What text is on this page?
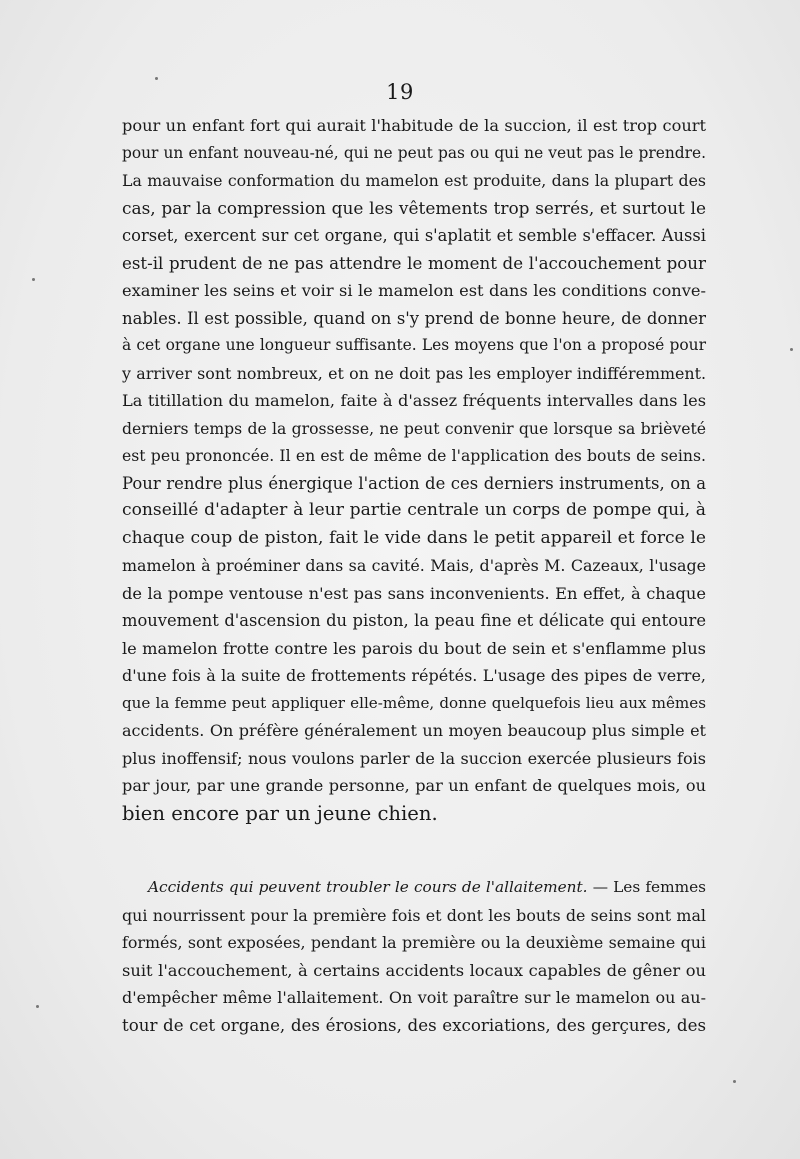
19
pour un enfant fort qui aurait l'habitude de la succion, il est trop court
pour un enfant nouveau-né, qui ne peut pas ou qui ne veut pas le prendre.
La mauvaise conformation du mamelon est produite, dans la plupart des
cas, par la compression que les vêtements trop serrés, et surtout le
corset, exercent sur cet organe, qui s'aplatit et semble s'effacer. Aussi
est-il prudent de ne pas attendre le moment de l'accouchement pour
examiner les seins et voir si le mamelon est dans les conditions conve-
nables. Il est possible, quand on s'y prend de bonne heure, de donner
à cet organe une longueur suffisante. Les moyens que l'on a proposé pour
y arriver sont nombreux, et on ne doit pas les employer indifféremment.
La titillation du mamelon, faite à d'assez fréquents intervalles dans les
derniers temps de la grossesse, ne peut convenir que lorsque sa brièveté
est peu prononcée. Il en est de même de l'application des bouts de seins.
Pour rendre plus énergique l'action de ces derniers instruments, on a
conseillé d'adapter à leur partie centrale un corps de pompe qui, à
chaque coup de piston, fait le vide dans le petit appareil et force le
mamelon à proéminer dans sa cavité. Mais, d'après M. Cazeaux, l'usage
de la pompe ventouse n'est pas sans inconvenients. En effet, à chaque
mouvement d'ascension du piston, la peau fine et délicate qui entoure
le mamelon frotte contre les parois du bout de sein et s'enflamme plus
d'une fois à la suite de frottements répétés. L'usage des pipes de verre,
que la femme peut appliquer elle-même, donne quelquefois lieu aux mêmes
accidents. On préfère généralement un moyen beaucoup plus simple et
plus inoffensif; nous voulons parler de la succion exercée plusieurs fois
par jour, par une grande personne, par un enfant de quelques mois, ou
bien encore par un jeune chien.
Accidents qui peuvent troubler le cours de l'allaitement. — Les femmes
qui nourrissent pour la première fois et dont les bouts de seins sont mal
formés, sont exposées, pendant la première ou la deuxième semaine qui
suit l'accouchement, à certains accidents locaux capables de gêner ou
d'empêcher même l'allaitement. On voit paraître sur le mamelon ou au-
tour de cet organe, des érosions, des excoriations, des gerçures, des
